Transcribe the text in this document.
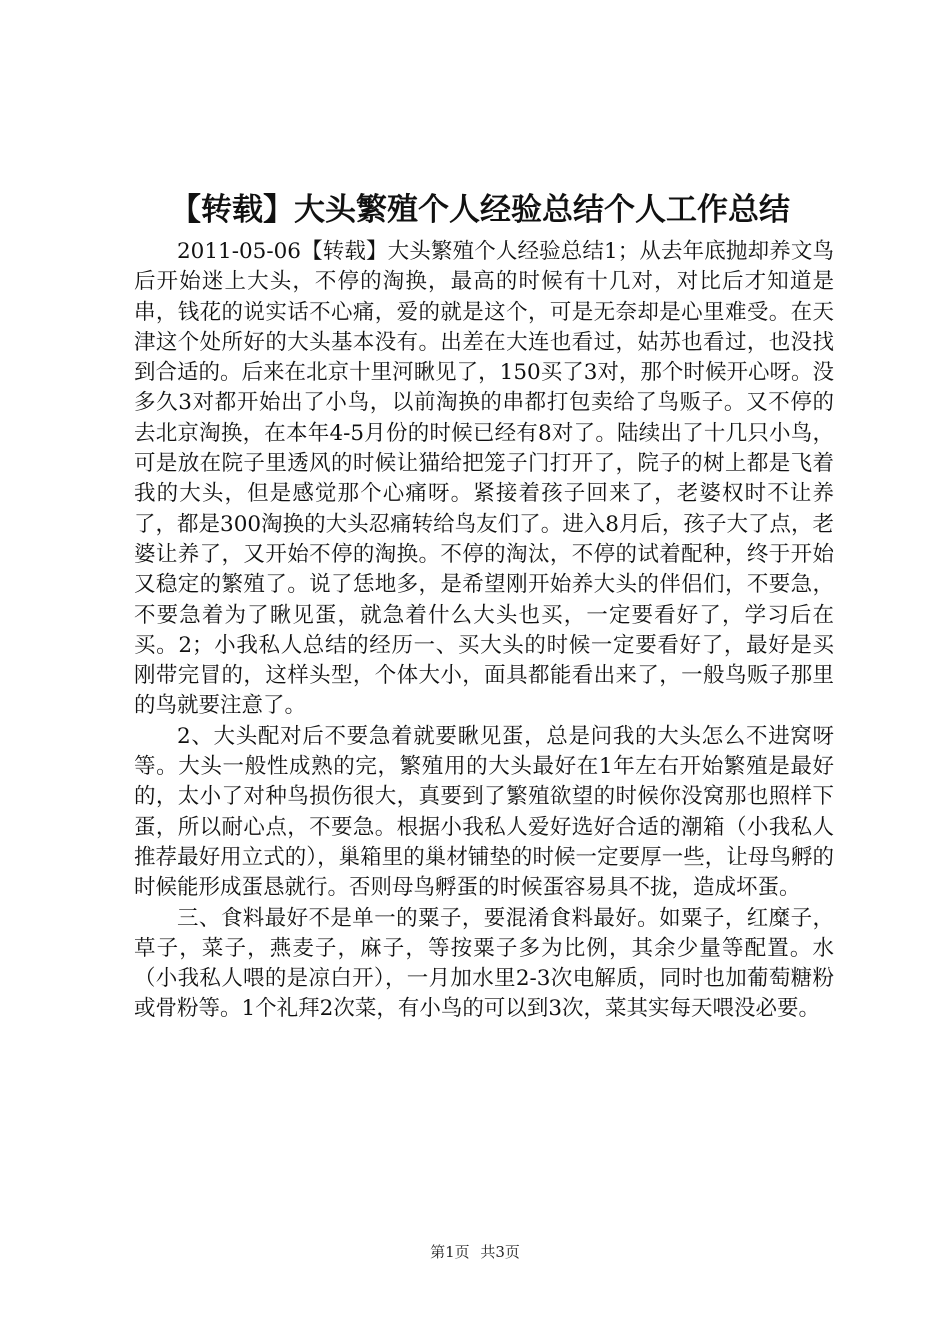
【转载】大头繁殖个人经验总结个人工作总结

2011-05-06【转载】大头繁殖个人经验总结1；从去年底抛却养文鸟后开始迷上大头，不停的淘换，最高的时候有十几对，对比后才知道是串，钱花的说实话不心痛，爱的就是这个，可是无奈却是心里难受。在天津这个处所好的大头基本没有。出差在大连也看过，姑苏也看过，也没找到合适的。后来在北京十里河瞅见了，150买了3对，那个时候开心呀。没多久3对都开始出了小鸟，以前淘换的串都打包卖给了鸟贩子。又不停的去北京淘换，在本年4-5月份的时候已经有8对了。陆续出了十几只小鸟，可是放在院子里透风的时候让猫给把笼子门打开了，院子的树上都是飞着我的大头，但是感觉那个心痛呀。紧接着孩子回来了，老婆权时不让养了，都是300淘换的大头忍痛转给鸟友们了。进入8月后，孩子大了点，老婆让养了，又开始不停的淘换。不停的淘汰，不停的试着配种，终于开始又稳定的繁殖了。说了恁地多，是希望刚开始养大头的伴侣们，不要急，不要急着为了瞅见蛋，就急着什么大头也买，一定要看好了，学习后在买。2；小我私人总结的经历一、买大头的时候一定要看好了，最好是买刚带完冒的，这样头型，个体大小，面具都能看出来了，一般鸟贩子那里的鸟就要注意了。

2、大头配对后不要急着就要瞅见蛋，总是问我的大头怎么不进窝呀等。大头一般性成熟的完，繁殖用的大头最好在1年左右开始繁殖是最好的，太小了对种鸟损伤很大，真要到了繁殖欲望的时候你没窝那也照样下蛋，所以耐心点，不要急。根据小我私人爱好选好合适的潮箱（小我私人推荐最好用立式的），巢箱里的巢材铺垫的时候一定要厚一些，让母鸟孵的时候能形成蛋恳就行。否则母鸟孵蛋的时候蛋容易具不拢，造成坏蛋。

三、食料最好不是单一的粟子，要混淆食料最好。如粟子，红糜子，草子，菜子，燕麦子，麻子，等按粟子多为比例，其余少量等配置。水（小我私人喂的是凉白开），一月加水里2-3次电解质，同时也加葡萄糖粉或骨粉等。1个礼拜2次菜，有小鸟的可以到3次，菜其实每天喂没必要。

第1页 共3页
